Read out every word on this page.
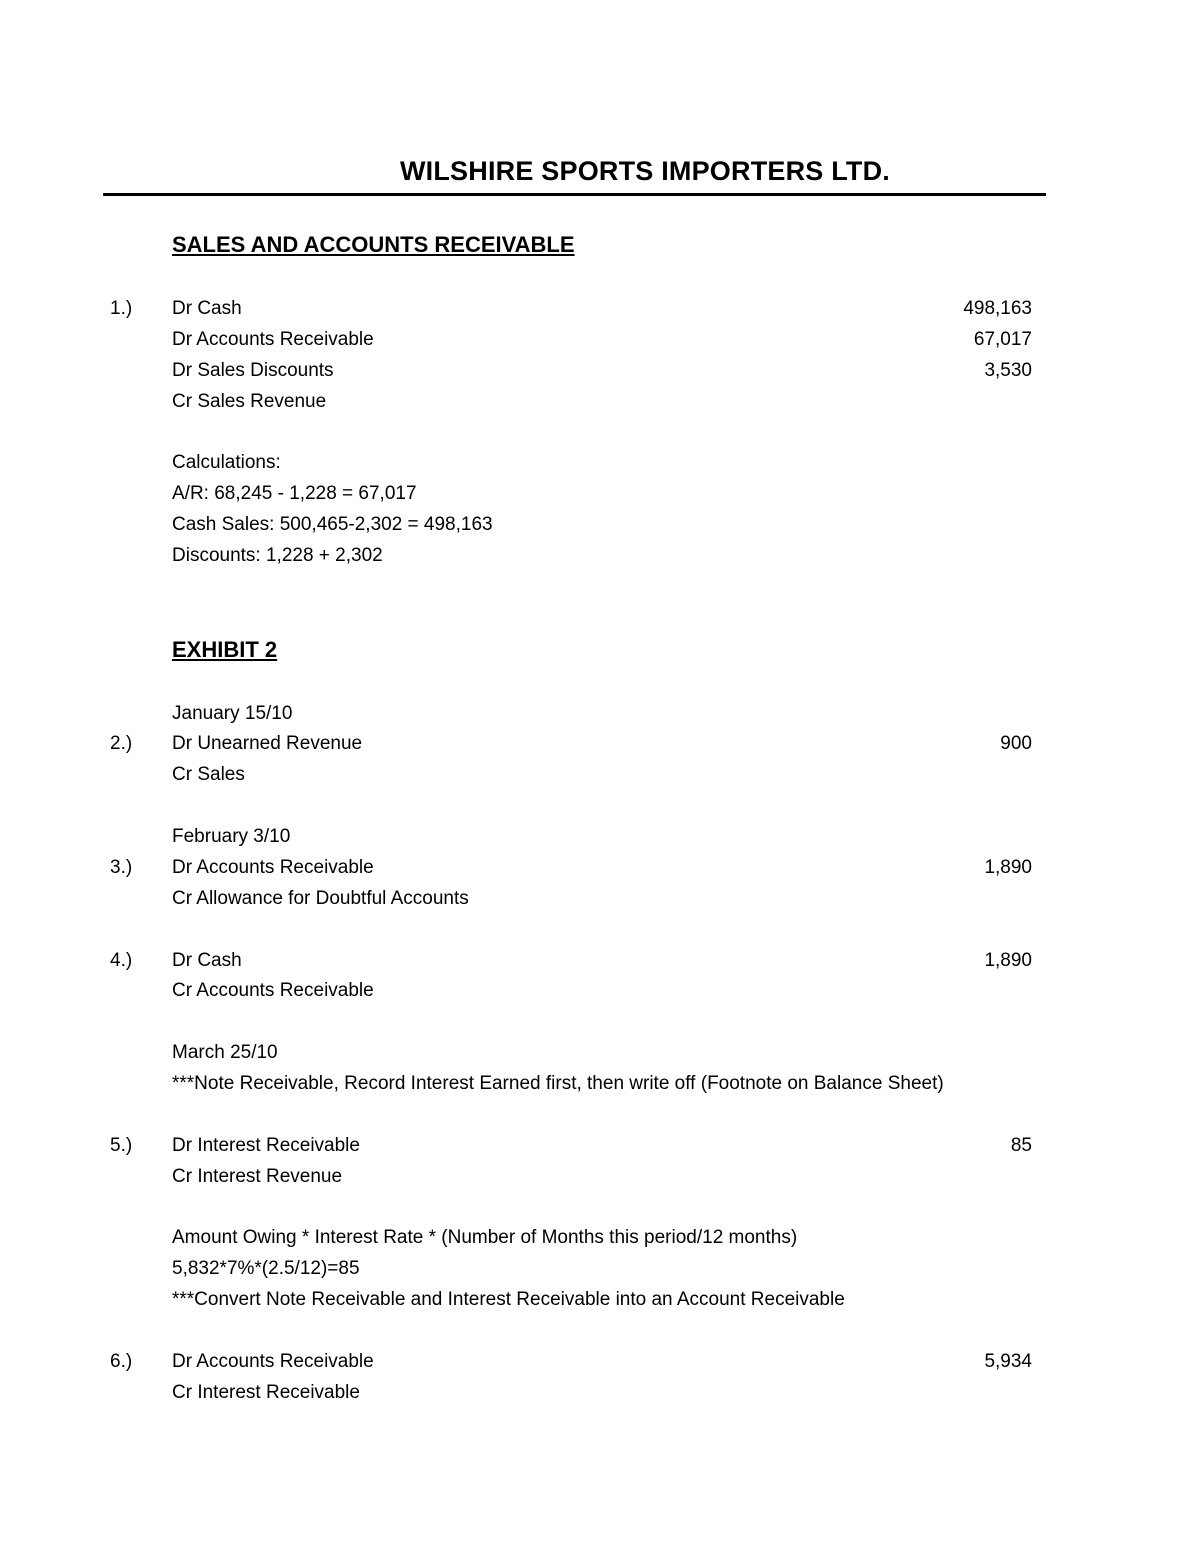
WILSHIRE SPORTS IMPORTERS LTD.
SALES AND ACCOUNTS RECEIVABLE
1.) Dr Cash	498,163
Dr Accounts Receivable	67,017
Dr Sales Discounts	3,530
Cr Sales Revenue
Calculations:
A/R: 68,245 - 1,228 = 67,017
Cash Sales: 500,465-2,302 = 498,163
Discounts: 1,228 + 2,302
EXHIBIT 2
January 15/10
2.) Dr Unearned Revenue	900
Cr Sales
February 3/10
3.) Dr Accounts Receivable	1,890
Cr Allowance for Doubtful Accounts
4.) Dr Cash	1,890
Cr Accounts Receivable
March 25/10
***Note Receivable, Record Interest Earned first, then write off (Footnote on Balance Sheet)
5.) Dr Interest Receivable	85
Cr Interest Revenue
Amount Owing * Interest Rate * (Number of Months this period/12 months)
5,832*7%*(2.5/12)=85
***Convert Note Receivable and Interest Receivable into an Account Receivable
6.) Dr Accounts Receivable	5,934
Cr Interest Receivable
